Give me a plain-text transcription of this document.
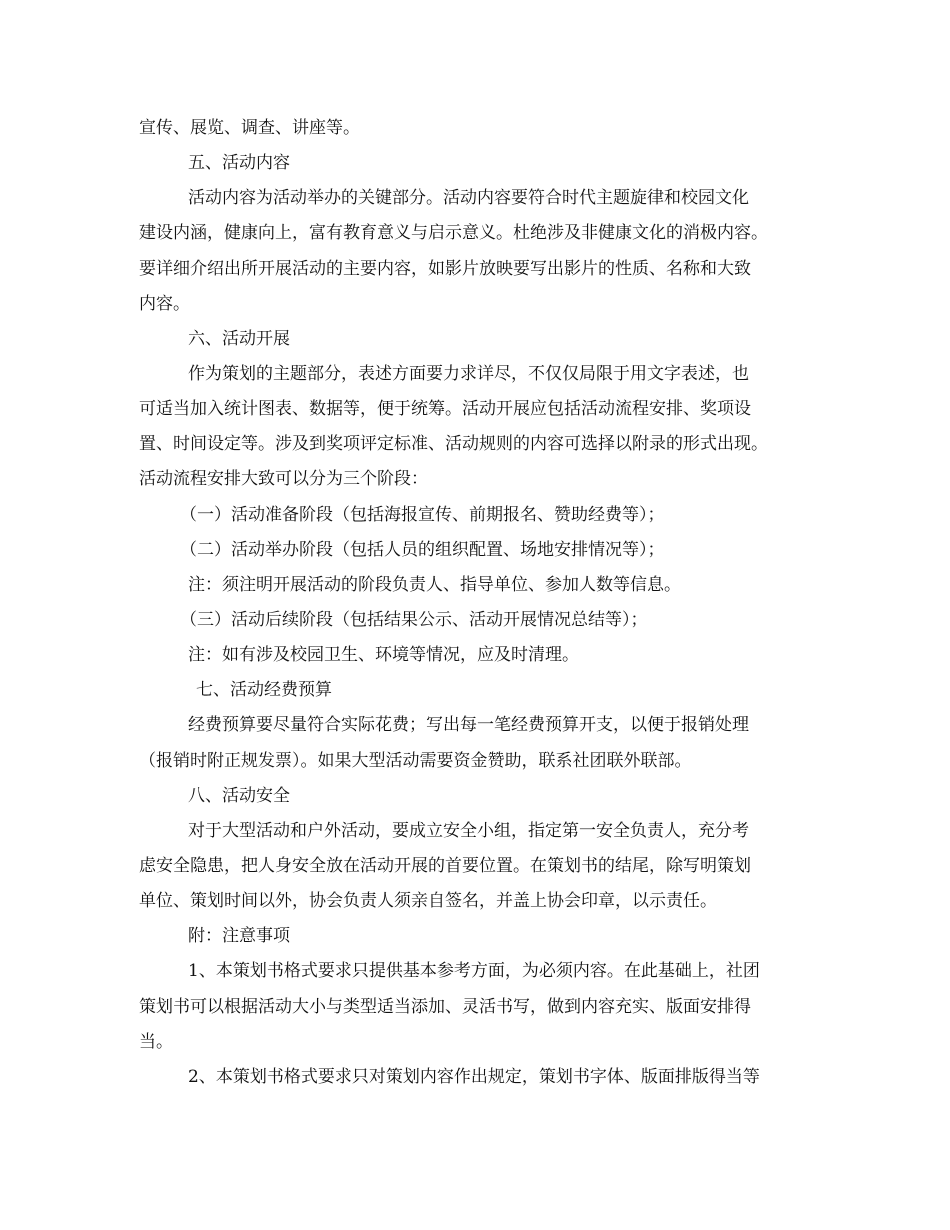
宣传、展览、调查、讲座等。
五、活动内容
活动内容为活动举办的关键部分。活动内容要符合时代主题旋律和校园文化
建设内涵，健康向上，富有教育意义与启示意义。杜绝涉及非健康文化的消极内容。
要详细介绍出所开展活动的主要内容，如影片放映要写出影片的性质、名称和大致
内容。
六、活动开展
作为策划的主题部分，表述方面要力求详尽，不仅仅局限于用文字表述，也
可适当加入统计图表、数据等，便于统筹。活动开展应包括活动流程安排、奖项设
置、时间设定等。涉及到奖项评定标准、活动规则的内容可选择以附录的形式出现。
活动流程安排大致可以分为三个阶段：
（一）活动准备阶段（包括海报宣传、前期报名、赞助经费等）；
（二）活动举办阶段（包括人员的组织配置、场地安排情况等）；
注：须注明开展活动的阶段负责人、指导单位、参加人数等信息。
（三）活动后续阶段（包括结果公示、活动开展情况总结等）；
注：如有涉及校园卫生、环境等情况，应及时清理。
七、活动经费预算
经费预算要尽量符合实际花费；写出每一笔经费预算开支，以便于报销处理
（报销时附正规发票）。如果大型活动需要资金赞助，联系社团联外联部。
八、活动安全
对于大型活动和户外活动，要成立安全小组，指定第一安全负责人，充分考
虑安全隐患，把人身安全放在活动开展的首要位置。在策划书的结尾，除写明策划
单位、策划时间以外，协会负责人须亲自签名，并盖上协会印章，以示责任。
附：注意事项
1、本策划书格式要求只提供基本参考方面，为必须内容。在此基础上，社团
策划书可以根据活动大小与类型适当添加、灵活书写，做到内容充实、版面安排得
当。
2、本策划书格式要求只对策划内容作出规定，策划书字体、版面排版得当等
